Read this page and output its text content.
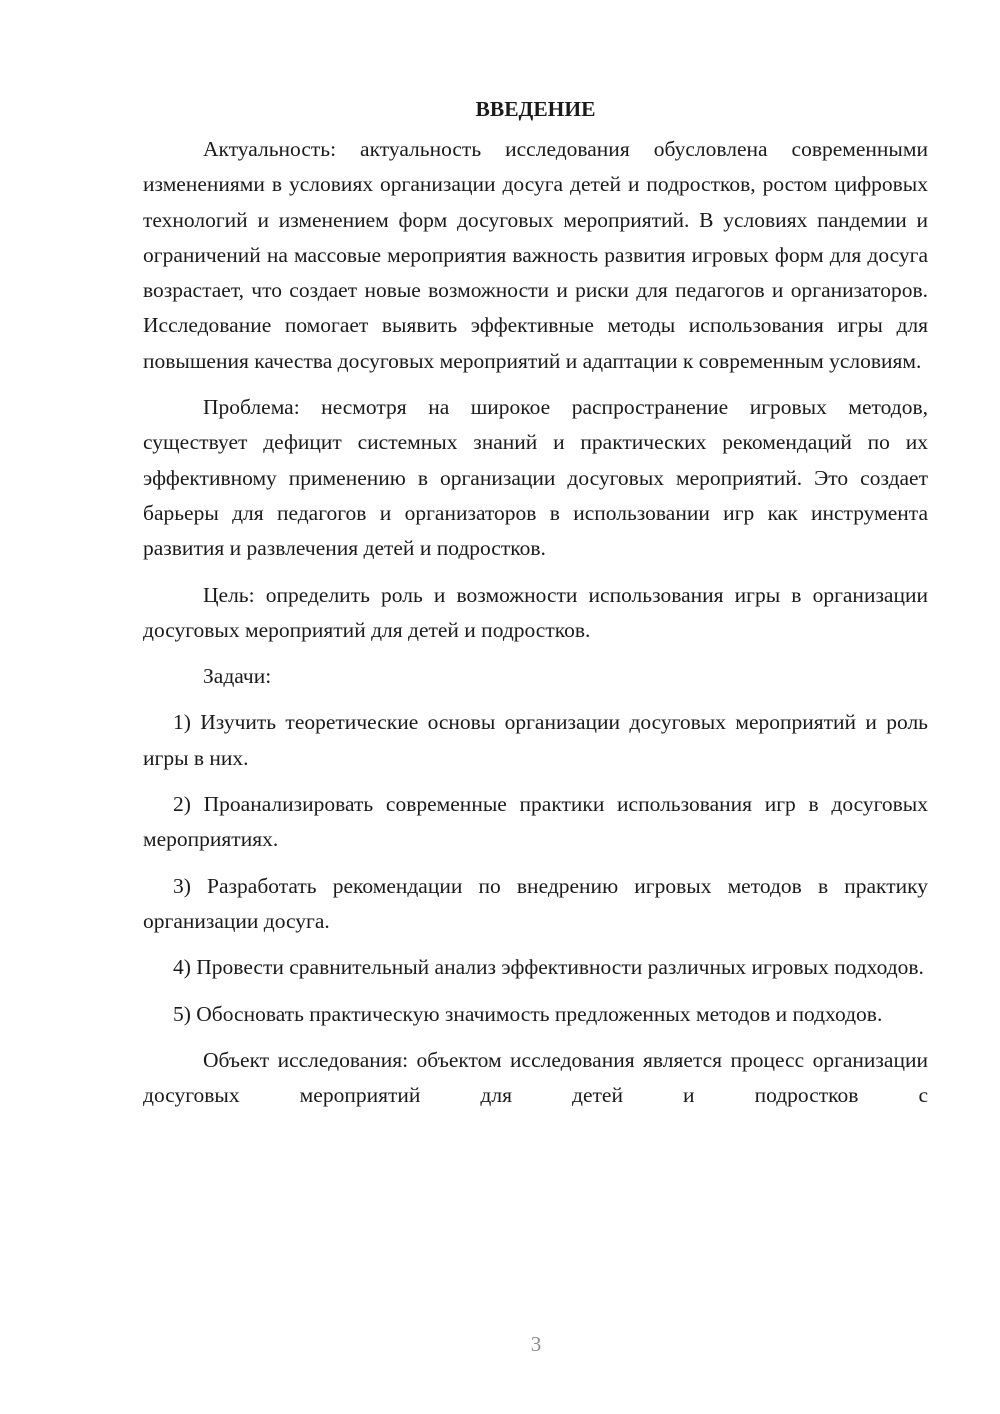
ВВЕДЕНИЕ

Актуальность: актуальность исследования обусловлена современными изменениями в условиях организации досуга детей и подростков, ростом цифровых технологий и изменением форм досуговых мероприятий. В условиях пандемии и ограничений на массовые мероприятия важность развития игровых форм для досуга возрастает, что создает новые возможности и риски для педагогов и организаторов. Исследование помогает выявить эффективные методы использования игры для повышения качества досуговых мероприятий и адаптации к современным условиям.

Проблема: несмотря на широкое распространение игровых методов, существует дефицит системных знаний и практических рекомендаций по их эффективному применению в организации досуговых мероприятий. Это создает барьеры для педагогов и организаторов в использовании игр как инструмента развития и развлечения детей и подростков.

Цель: определить роль и возможности использования игры в организации досуговых мероприятий для детей и подростков.

Задачи:

1) Изучить теоретические основы организации досуговых мероприятий и роль игры в них.

2) Проанализировать современные практики использования игр в досуговых мероприятиях.

3) Разработать рекомендации по внедрению игровых методов в практику организации досуга.

4) Провести сравнительный анализ эффективности различных игровых подходов.

5) Обосновать практическую значимость предложенных методов и подходов.

Объект исследования: объектом исследования является процесс организации досуговых мероприятий для детей и подростков с

3
